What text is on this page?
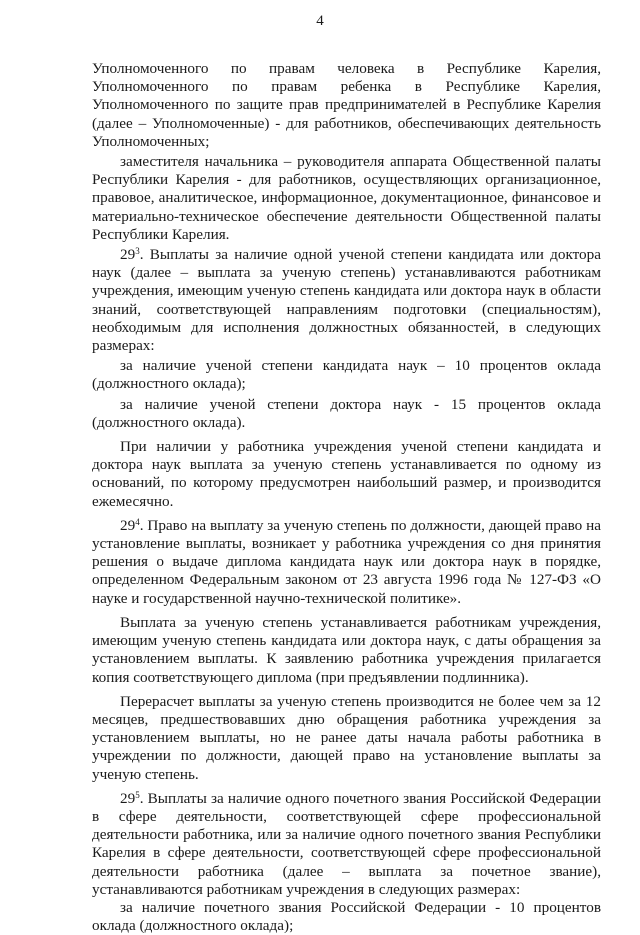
4

Уполномоченного по правам человека в Республике Карелия, Уполномоченного по правам ребенка в Республике Карелия, Уполномоченного по защите прав предпринимателей в Республике Карелия (далее – Уполномоченные) - для работников, обеспечивающих деятельность Уполномоченных;

заместителя начальника – руководителя аппарата Общественной палаты Республики Карелия - для работников, осуществляющих организационное, правовое, аналитическое, информационное, документационное, финансовое и материально-техническое обеспечение деятельности Общественной палаты Республики Карелия.

$29^3$. Выплаты за наличие одной ученой степени кандидата или доктора наук (далее – выплата за ученую степень) устанавливаются работникам учреждения, имеющим ученую степень кандидата или доктора наук в области знаний, соответствующей направлениям подготовки (специальностям), необходимым для исполнения должностных обязанностей, в следующих размерах:

за наличие ученой степени кандидата наук – 10 процентов оклада (должностного оклада);

за наличие ученой степени доктора наук - 15 процентов оклада (должностного оклада).

При наличии у работника учреждения ученой степени кандидата и доктора наук выплата за ученую степень устанавливается по одному из оснований, по которому предусмотрен наибольший размер, и производится ежемесячно.

$29^4$. Право на выплату за ученую степень по должности, дающей право на установление выплаты, возникает у работника учреждения со дня принятия решения о выдаче диплома кандидата наук или доктора наук в порядке, определенном Федеральным законом от 23 августа 1996 года № 127-ФЗ «О науке и государственной научно-технической политике».

Выплата за ученую степень устанавливается работникам учреждения, имеющим ученую степень кандидата или доктора наук, с даты обращения за установлением выплаты. К заявлению работника учреждения прилагается копия соответствующего диплома (при предъявлении подлинника).

Перерасчет выплаты за ученую степень производится не более чем за 12 месяцев, предшествовавших дню обращения работника учреждения за установлением выплаты, но не ранее даты начала работы работника в учреждении по должности, дающей право на установление выплаты за ученую степень.

$29^5$. Выплаты за наличие одного почетного звания Российской Федерации в сфере деятельности, соответствующей сфере профессиональной деятельности работника, или за наличие одного почетного звания Республики Карелия в сфере деятельности, соответствующей сфере профессиональной деятельности работника (далее – выплата за почетное звание), устанавливаются работникам учреждения в следующих размерах:

за наличие почетного звания Российской Федерации - 10 процентов оклада (должностного оклада);
